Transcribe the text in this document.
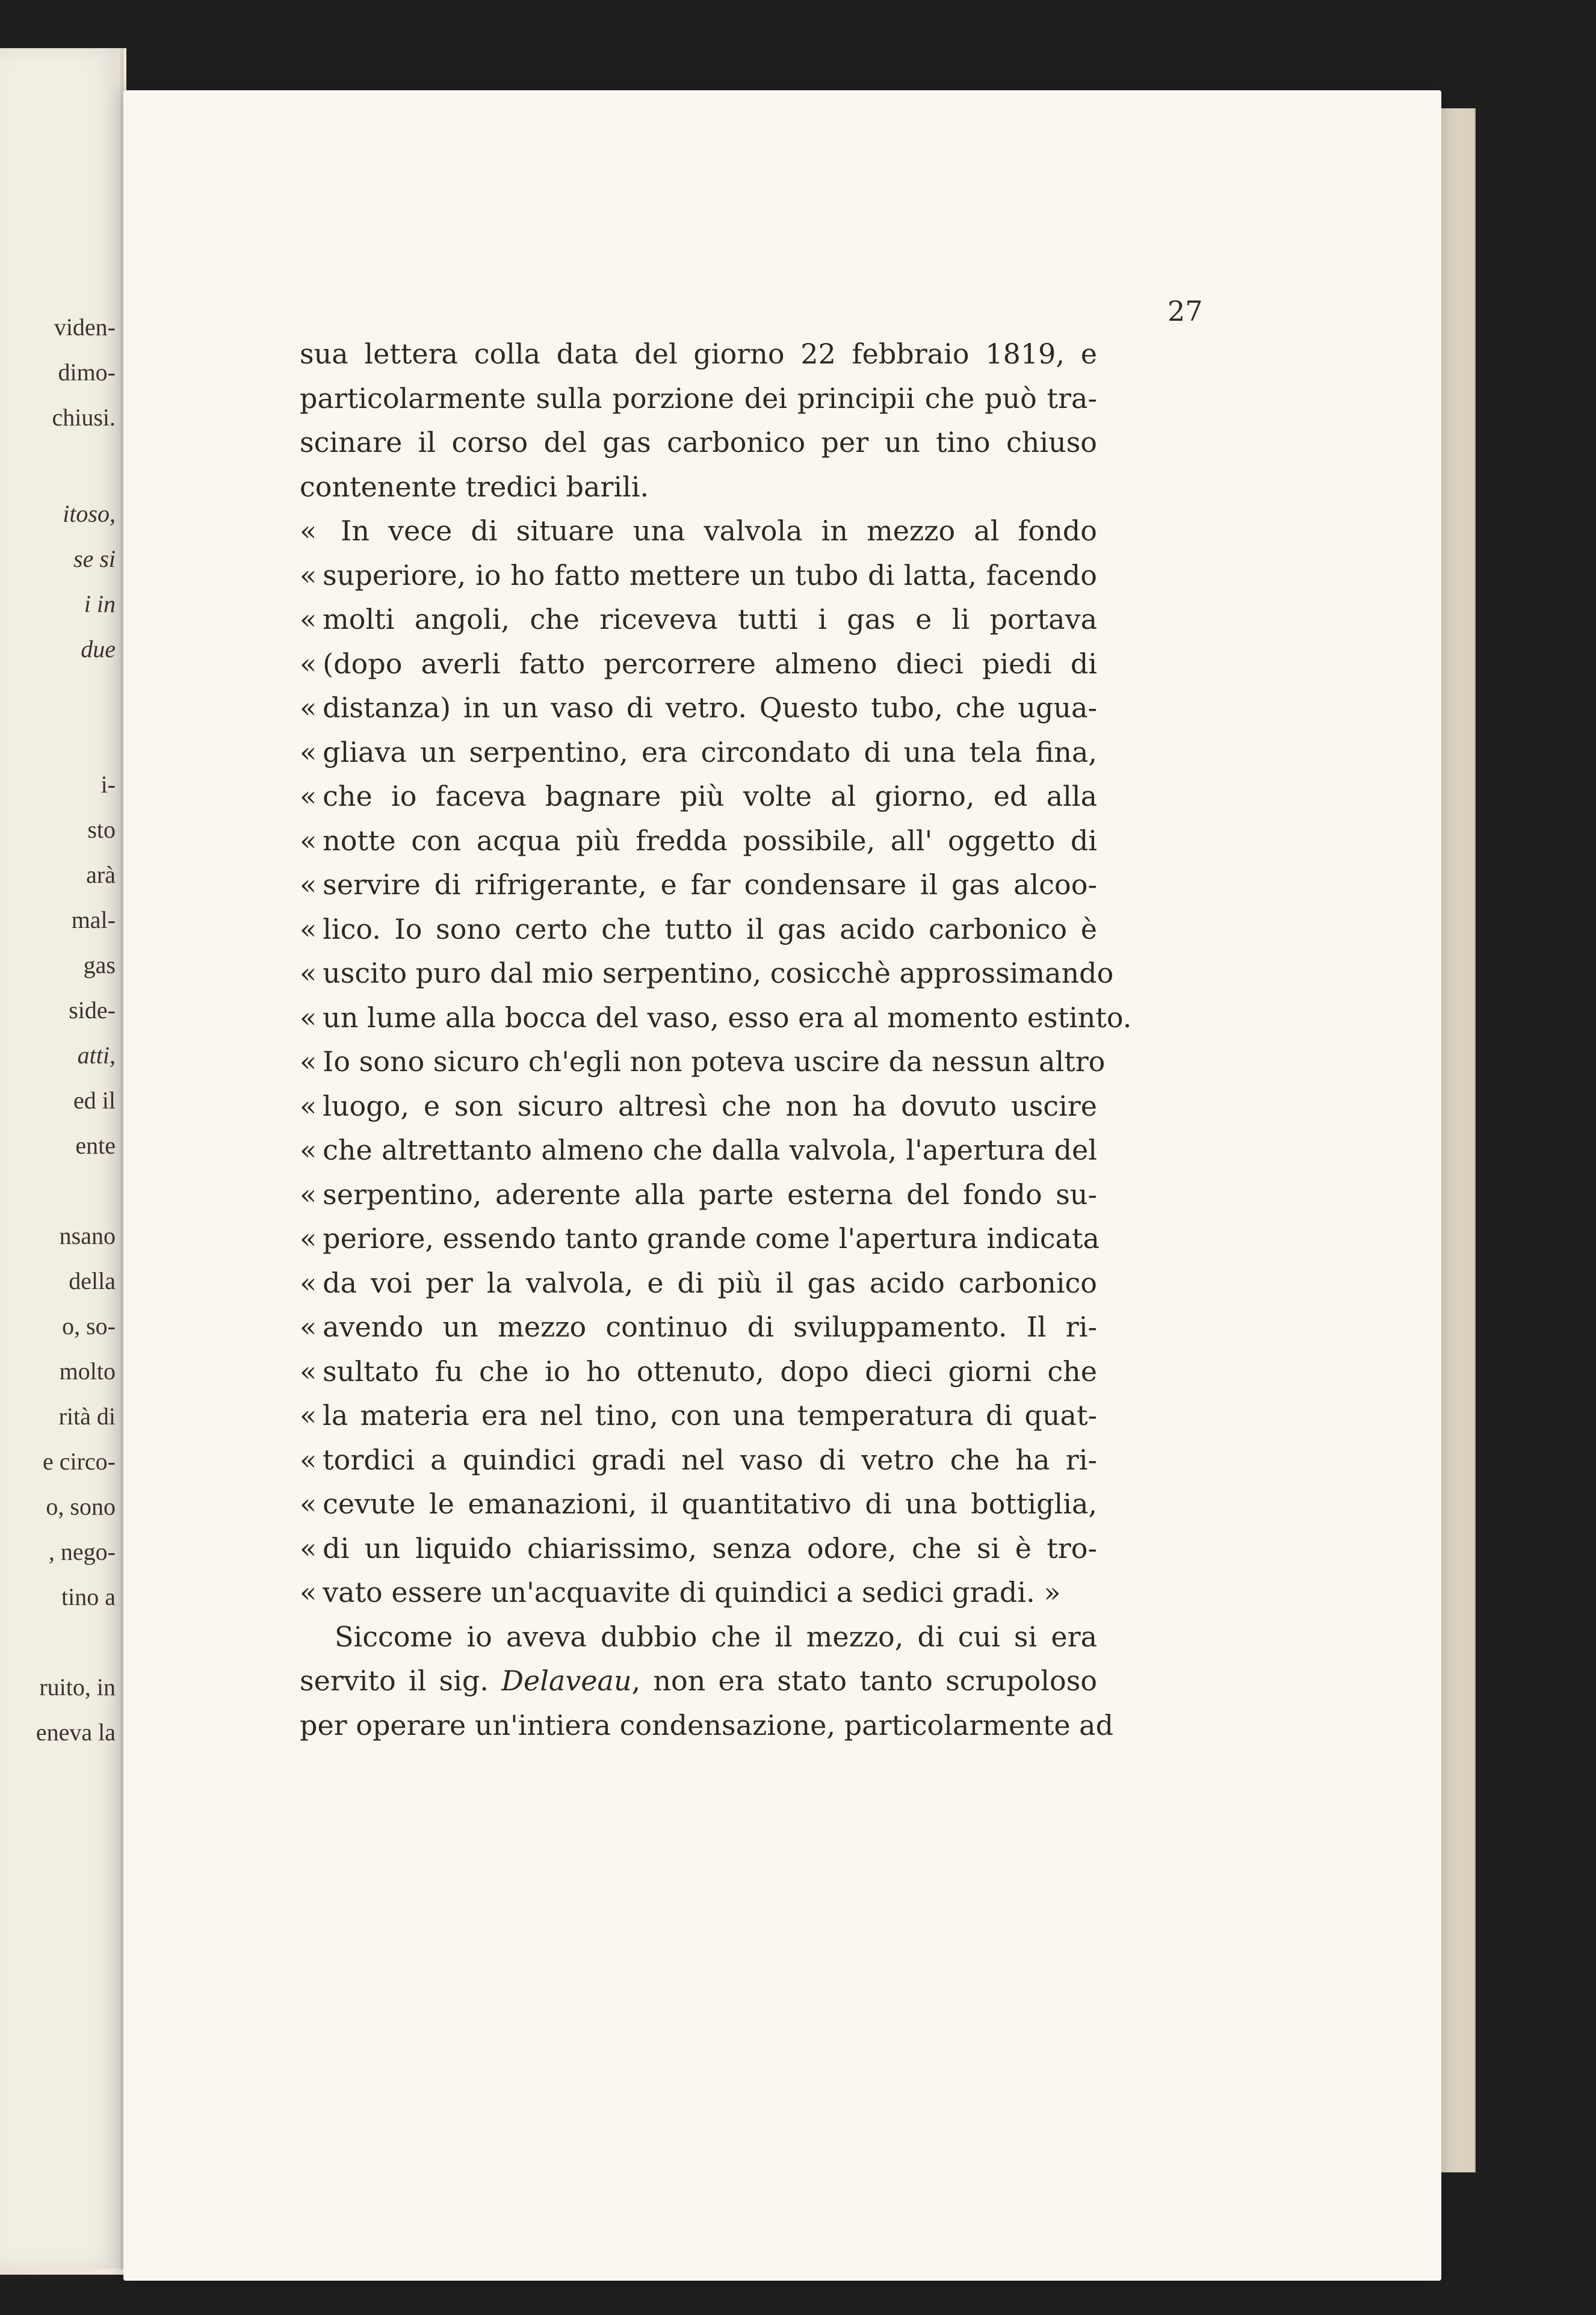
viden-
dimo-
chiusi.
itoso,
se si
i in
due
i-
sto
arà
mal-
gas
side-
atti,
ed il
ente
nsano
della
o, so-
molto
rità di
e circo-
o, sono
, nego-
tino a
ruito, in
eneva la
27
sua lettera colla data del giorno 22 febbraio 1819, e
particolarmente sulla porzione dei principii che può tra-
scinare il corso del gas carbonico per un tino chiuso
contenente tredici barili.
« In vece di situare una valvola in mezzo al fondo
« superiore, io ho fatto mettere un tubo di latta, facendo
« molti angoli, che riceveva tutti i gas e li portava
« (dopo averli fatto percorrere almeno dieci piedi di
« distanza) in un vaso di vetro. Questo tubo, che ugua-
« gliava un serpentino, era circondato di una tela fina,
« che io faceva bagnare più volte al giorno, ed alla
« notte con acqua più fredda possibile, all' oggetto di
« servire di rifrigerante, e far condensare il gas alcoo-
« lico. Io sono certo che tutto il gas acido carbonico è
« uscito puro dal mio serpentino, cosicchè approssimando
« un lume alla bocca del vaso, esso era al momento estinto.
« Io sono sicuro ch'egli non poteva uscire da nessun altro
« luogo, e son sicuro altresì che non ha dovuto uscire
« che altrettanto almeno che dalla valvola, l'apertura del
« serpentino, aderente alla parte esterna del fondo su-
« periore, essendo tanto grande come l'apertura indicata
« da voi per la valvola, e di più il gas acido carbonico
« avendo un mezzo continuo di sviluppamento. Il ri-
« sultato fu che io ho ottenuto, dopo dieci giorni che
« la materia era nel tino, con una temperatura di quat-
« tordici a quindici gradi nel vaso di vetro che ha ri-
« cevute le emanazioni, il quantitativo di una bottiglia,
« di un liquido chiarissimo, senza odore, che si è tro-
« vato essere un'acquavite di quindici a sedici gradi. »
Siccome io aveva dubbio che il mezzo, di cui si era
servito il sig. Delaveau, non era stato tanto scrupoloso
per operare un'intiera condensazione, particolarmente ad
